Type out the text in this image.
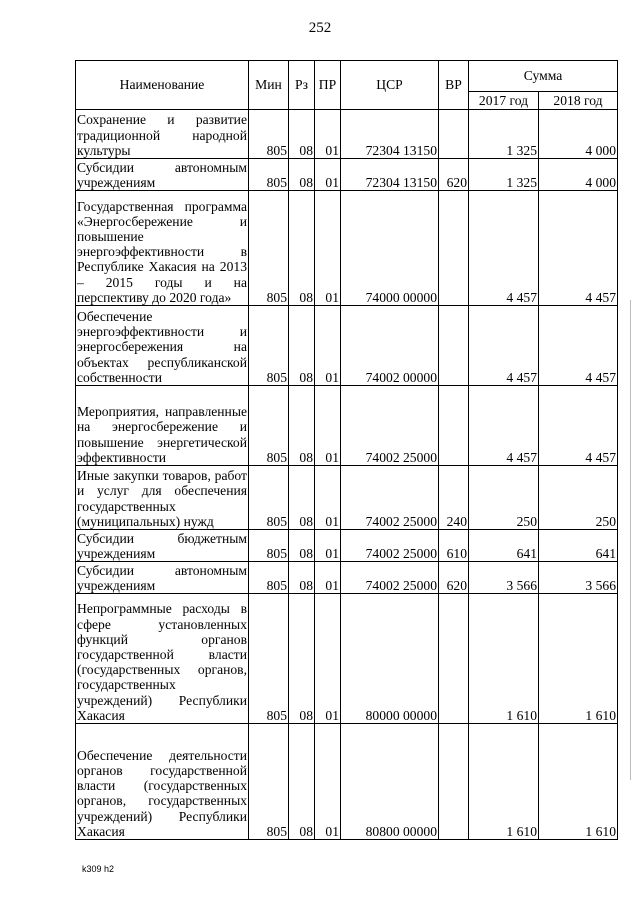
252
Наименование	Мин	Рз	ПР	ЦСР	ВР	Сумма	
						2017 год	2018 год
Сохранение и развитие традиционной народной культуры	805	08	01	72304 13150		1 325	4 000
Субсидии автономным учреждениям	805	08	01	72304 13150	620	1 325	4 000
Государственная программа «Энергосбережение и повышение энергоэффективности в Республике Хакасия на 2013 – 2015 годы и на перспективу до 2020 года»	805	08	01	74000 00000		4 457	4 457
Обеспечение энергоэффективности и энергосбережения на объектах республиканской собственности	805	08	01	74002 00000		4 457	4 457
Мероприятия, направленные на энергосбережение и повышение энергетической эффективности	805	08	01	74002 25000		4 457	4 457
Иные закупки товаров, работ и услуг для обеспечения государственных (муниципальных) нужд	805	08	01	74002 25000	240	250	250
Субсидии бюджетным учреждениям	805	08	01	74002 25000	610	641	641
Субсидии автономным учреждениям	805	08	01	74002 25000	620	3 566	3 566
Непрограммные расходы в сфере установленных функций органов государственной власти (государственных органов, государственных учреждений) Республики Хакасия	805	08	01	80000 00000		1 610	1 610
Обеспечение деятельности органов государственной власти (государственных органов, государственных учреждений) Республики Хакасия	805	08	01	80800 00000		1 610	1 610
k309 h2
